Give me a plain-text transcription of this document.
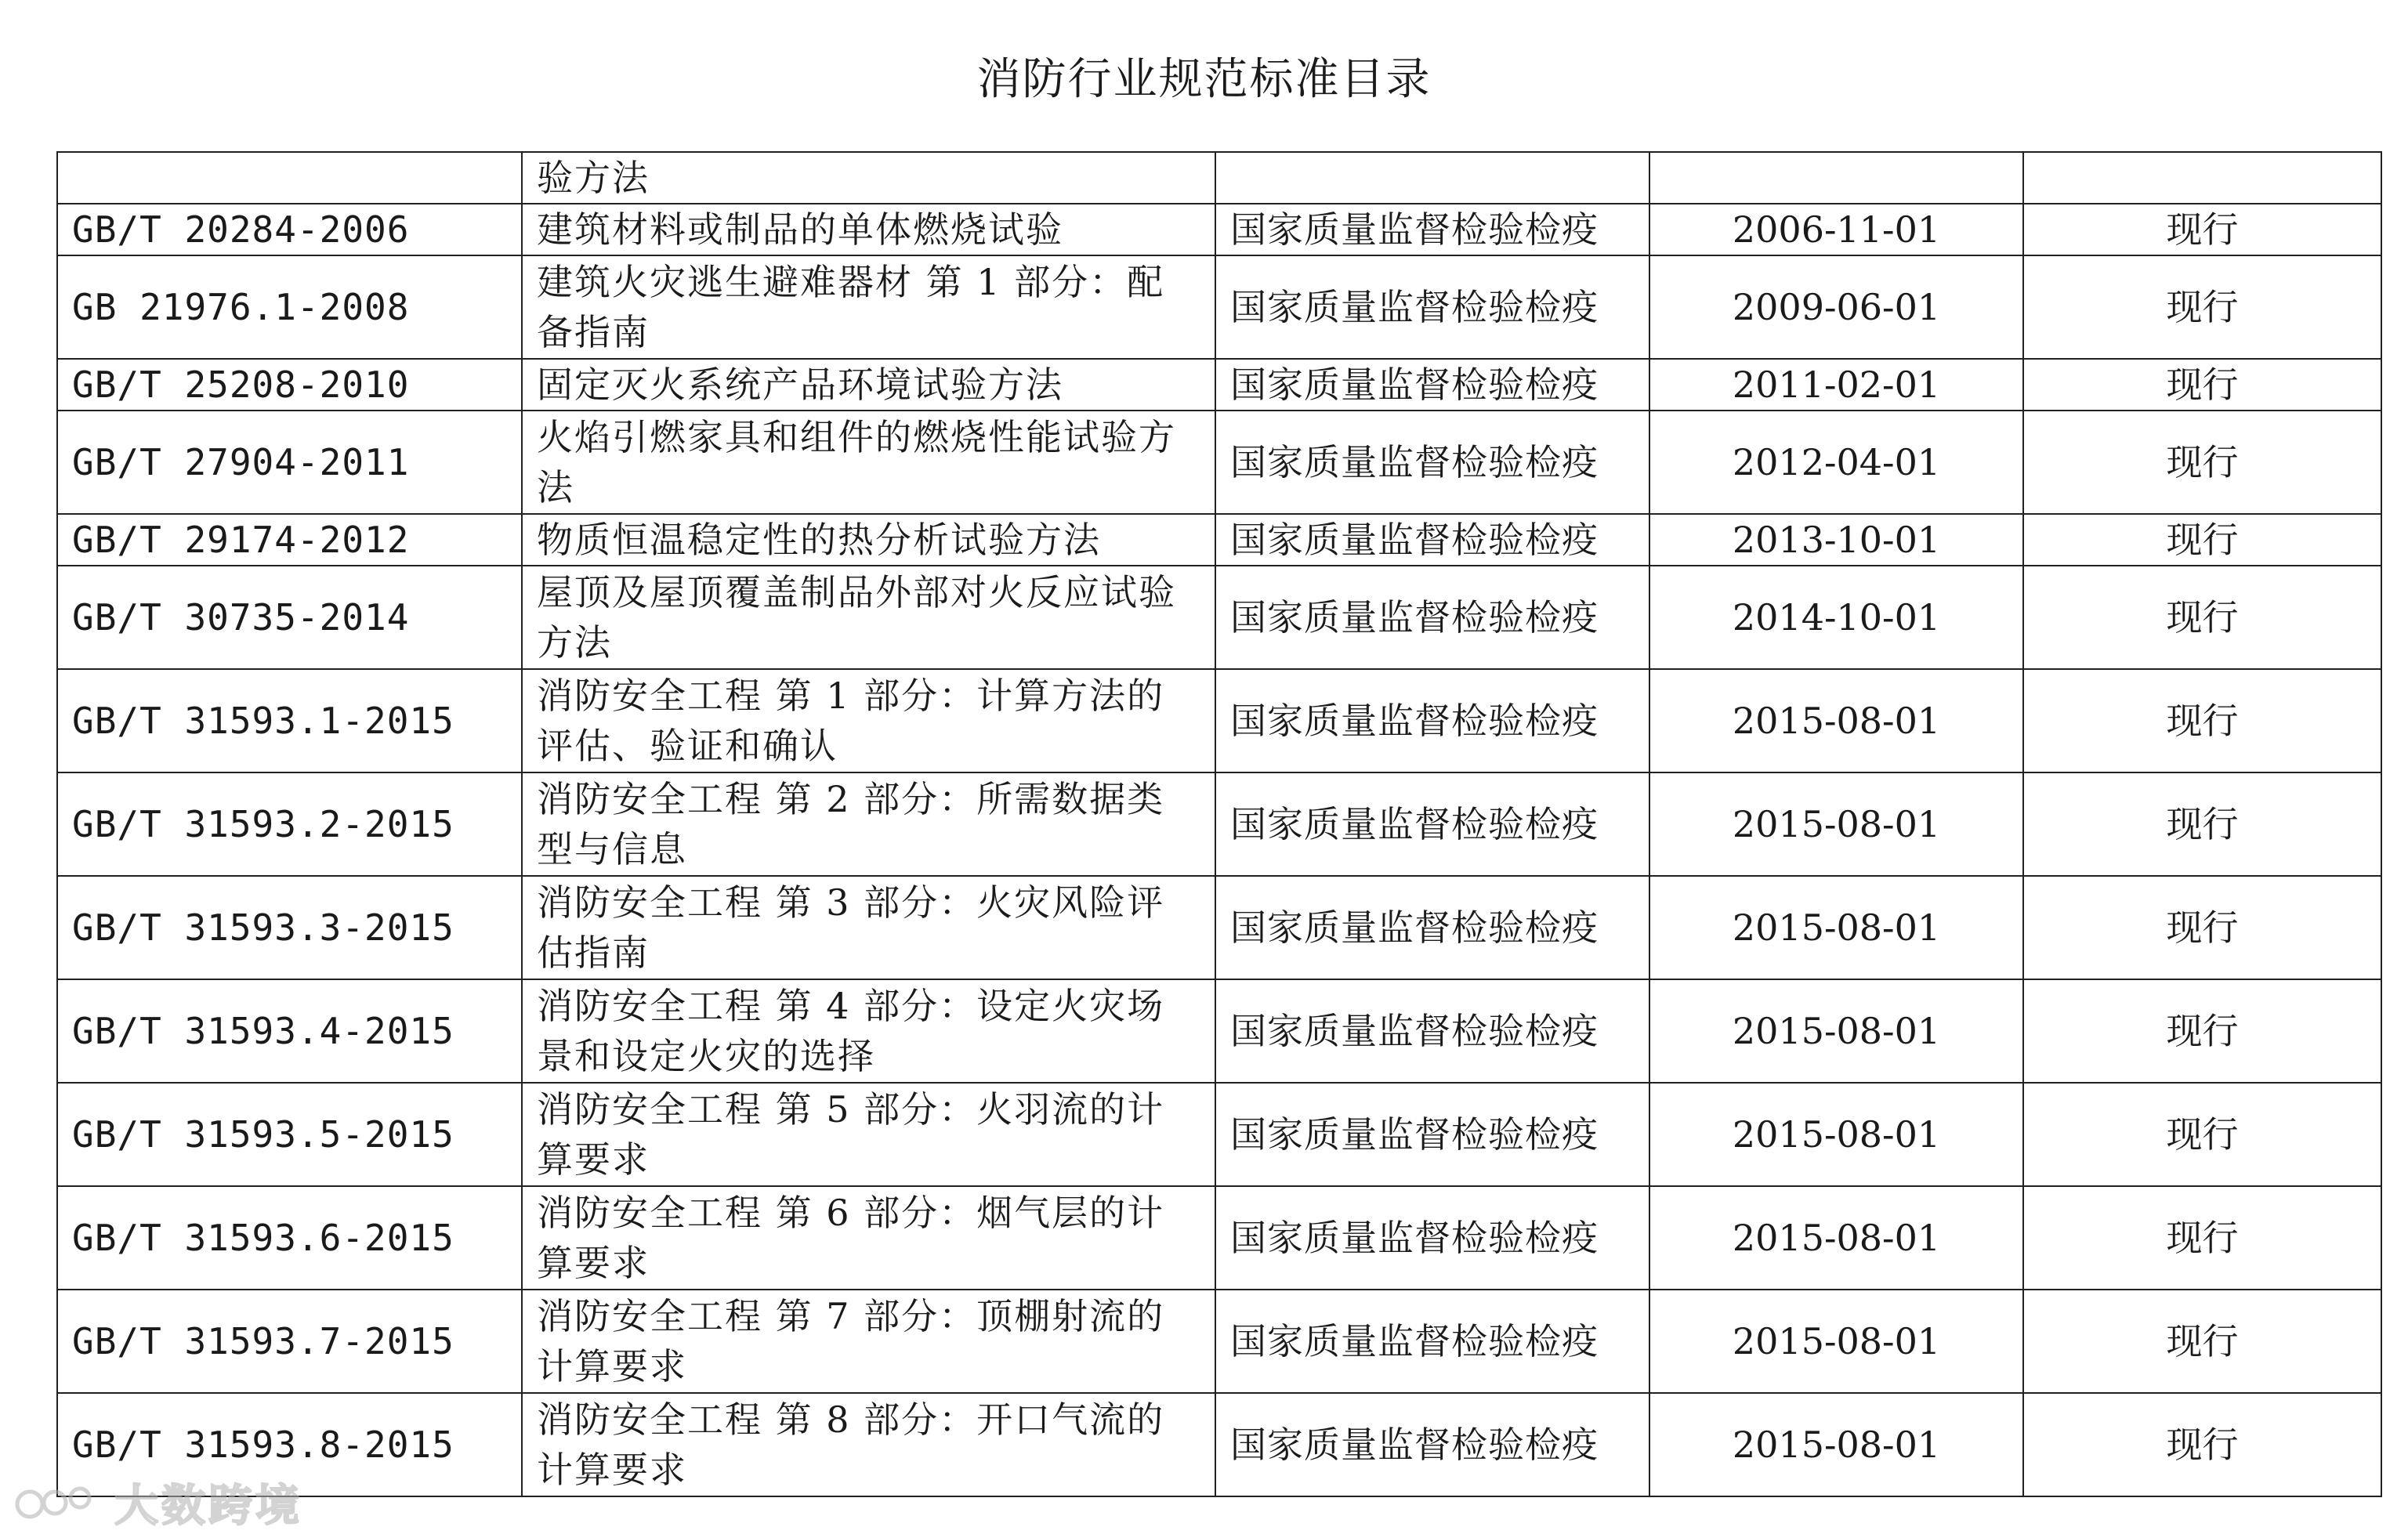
消防行业规范标准目录
	验方法			
GB/T 20284-2006	建筑材料或制品的单体燃烧试验	国家质量监督检验检疫	2006-11-01	现行
GB 21976.1-2008	建筑火灾逃生避难器材 第 1 部分：配备指南	国家质量监督检验检疫	2009-06-01	现行
GB/T 25208-2010	固定灭火系统产品环境试验方法	国家质量监督检验检疫	2011-02-01	现行
GB/T 27904-2011	火焰引燃家具和组件的燃烧性能试验方法	国家质量监督检验检疫	2012-04-01	现行
GB/T 29174-2012	物质恒温稳定性的热分析试验方法	国家质量监督检验检疫	2013-10-01	现行
GB/T 30735-2014	屋顶及屋顶覆盖制品外部对火反应试验方法	国家质量监督检验检疫	2014-10-01	现行
GB/T 31593.1-2015	消防安全工程 第 1 部分：计算方法的评估、验证和确认	国家质量监督检验检疫	2015-08-01	现行
GB/T 31593.2-2015	消防安全工程 第 2 部分：所需数据类型与信息	国家质量监督检验检疫	2015-08-01	现行
GB/T 31593.3-2015	消防安全工程 第 3 部分：火灾风险评估指南	国家质量监督检验检疫	2015-08-01	现行
GB/T 31593.4-2015	消防安全工程 第 4 部分：设定火灾场景和设定火灾的选择	国家质量监督检验检疫	2015-08-01	现行
GB/T 31593.5-2015	消防安全工程 第 5 部分：火羽流的计算要求	国家质量监督检验检疫	2015-08-01	现行
GB/T 31593.6-2015	消防安全工程 第 6 部分：烟气层的计算要求	国家质量监督检验检疫	2015-08-01	现行
GB/T 31593.7-2015	消防安全工程 第 7 部分：顶棚射流的计算要求	国家质量监督检验检疫	2015-08-01	现行
GB/T 31593.8-2015	消防安全工程 第 8 部分：开口气流的计算要求	国家质量监督检验检疫	2015-08-01	现行
大数跨境
